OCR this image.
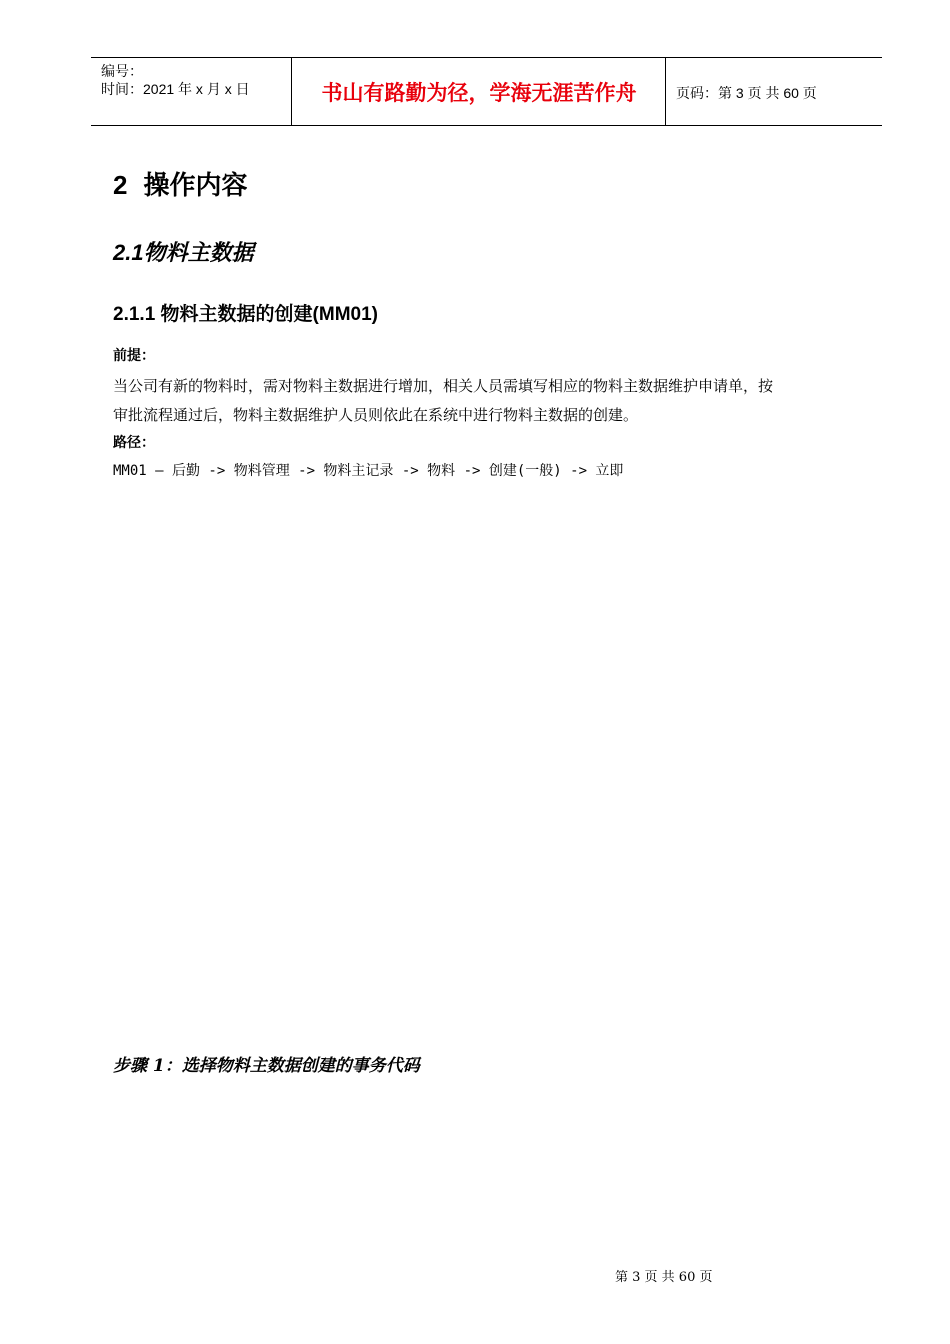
编号：
时间：2021 年 x 月 x 日	书山有路勤为径，学海无涯苦作舟	页码：第 3 页 共 60 页
2 操作内容
2.1物料主数据
2.1.1 物料主数据的创建(MM01)
前提：
当公司有新的物料时，需对物料主数据进行增加，相关人员需填写相应的物料主数据维护申请单，按
审批流程通过后，物料主数据维护人员则依此在系统中进行物料主数据的创建。
路径：
MM01 – 后勤 -> 物料管理 -> 物料主记录 -> 物料 -> 创建(一般) -> 立即
步骤 1：选择物料主数据创建的事务代码
第 3 页 共 60 页
